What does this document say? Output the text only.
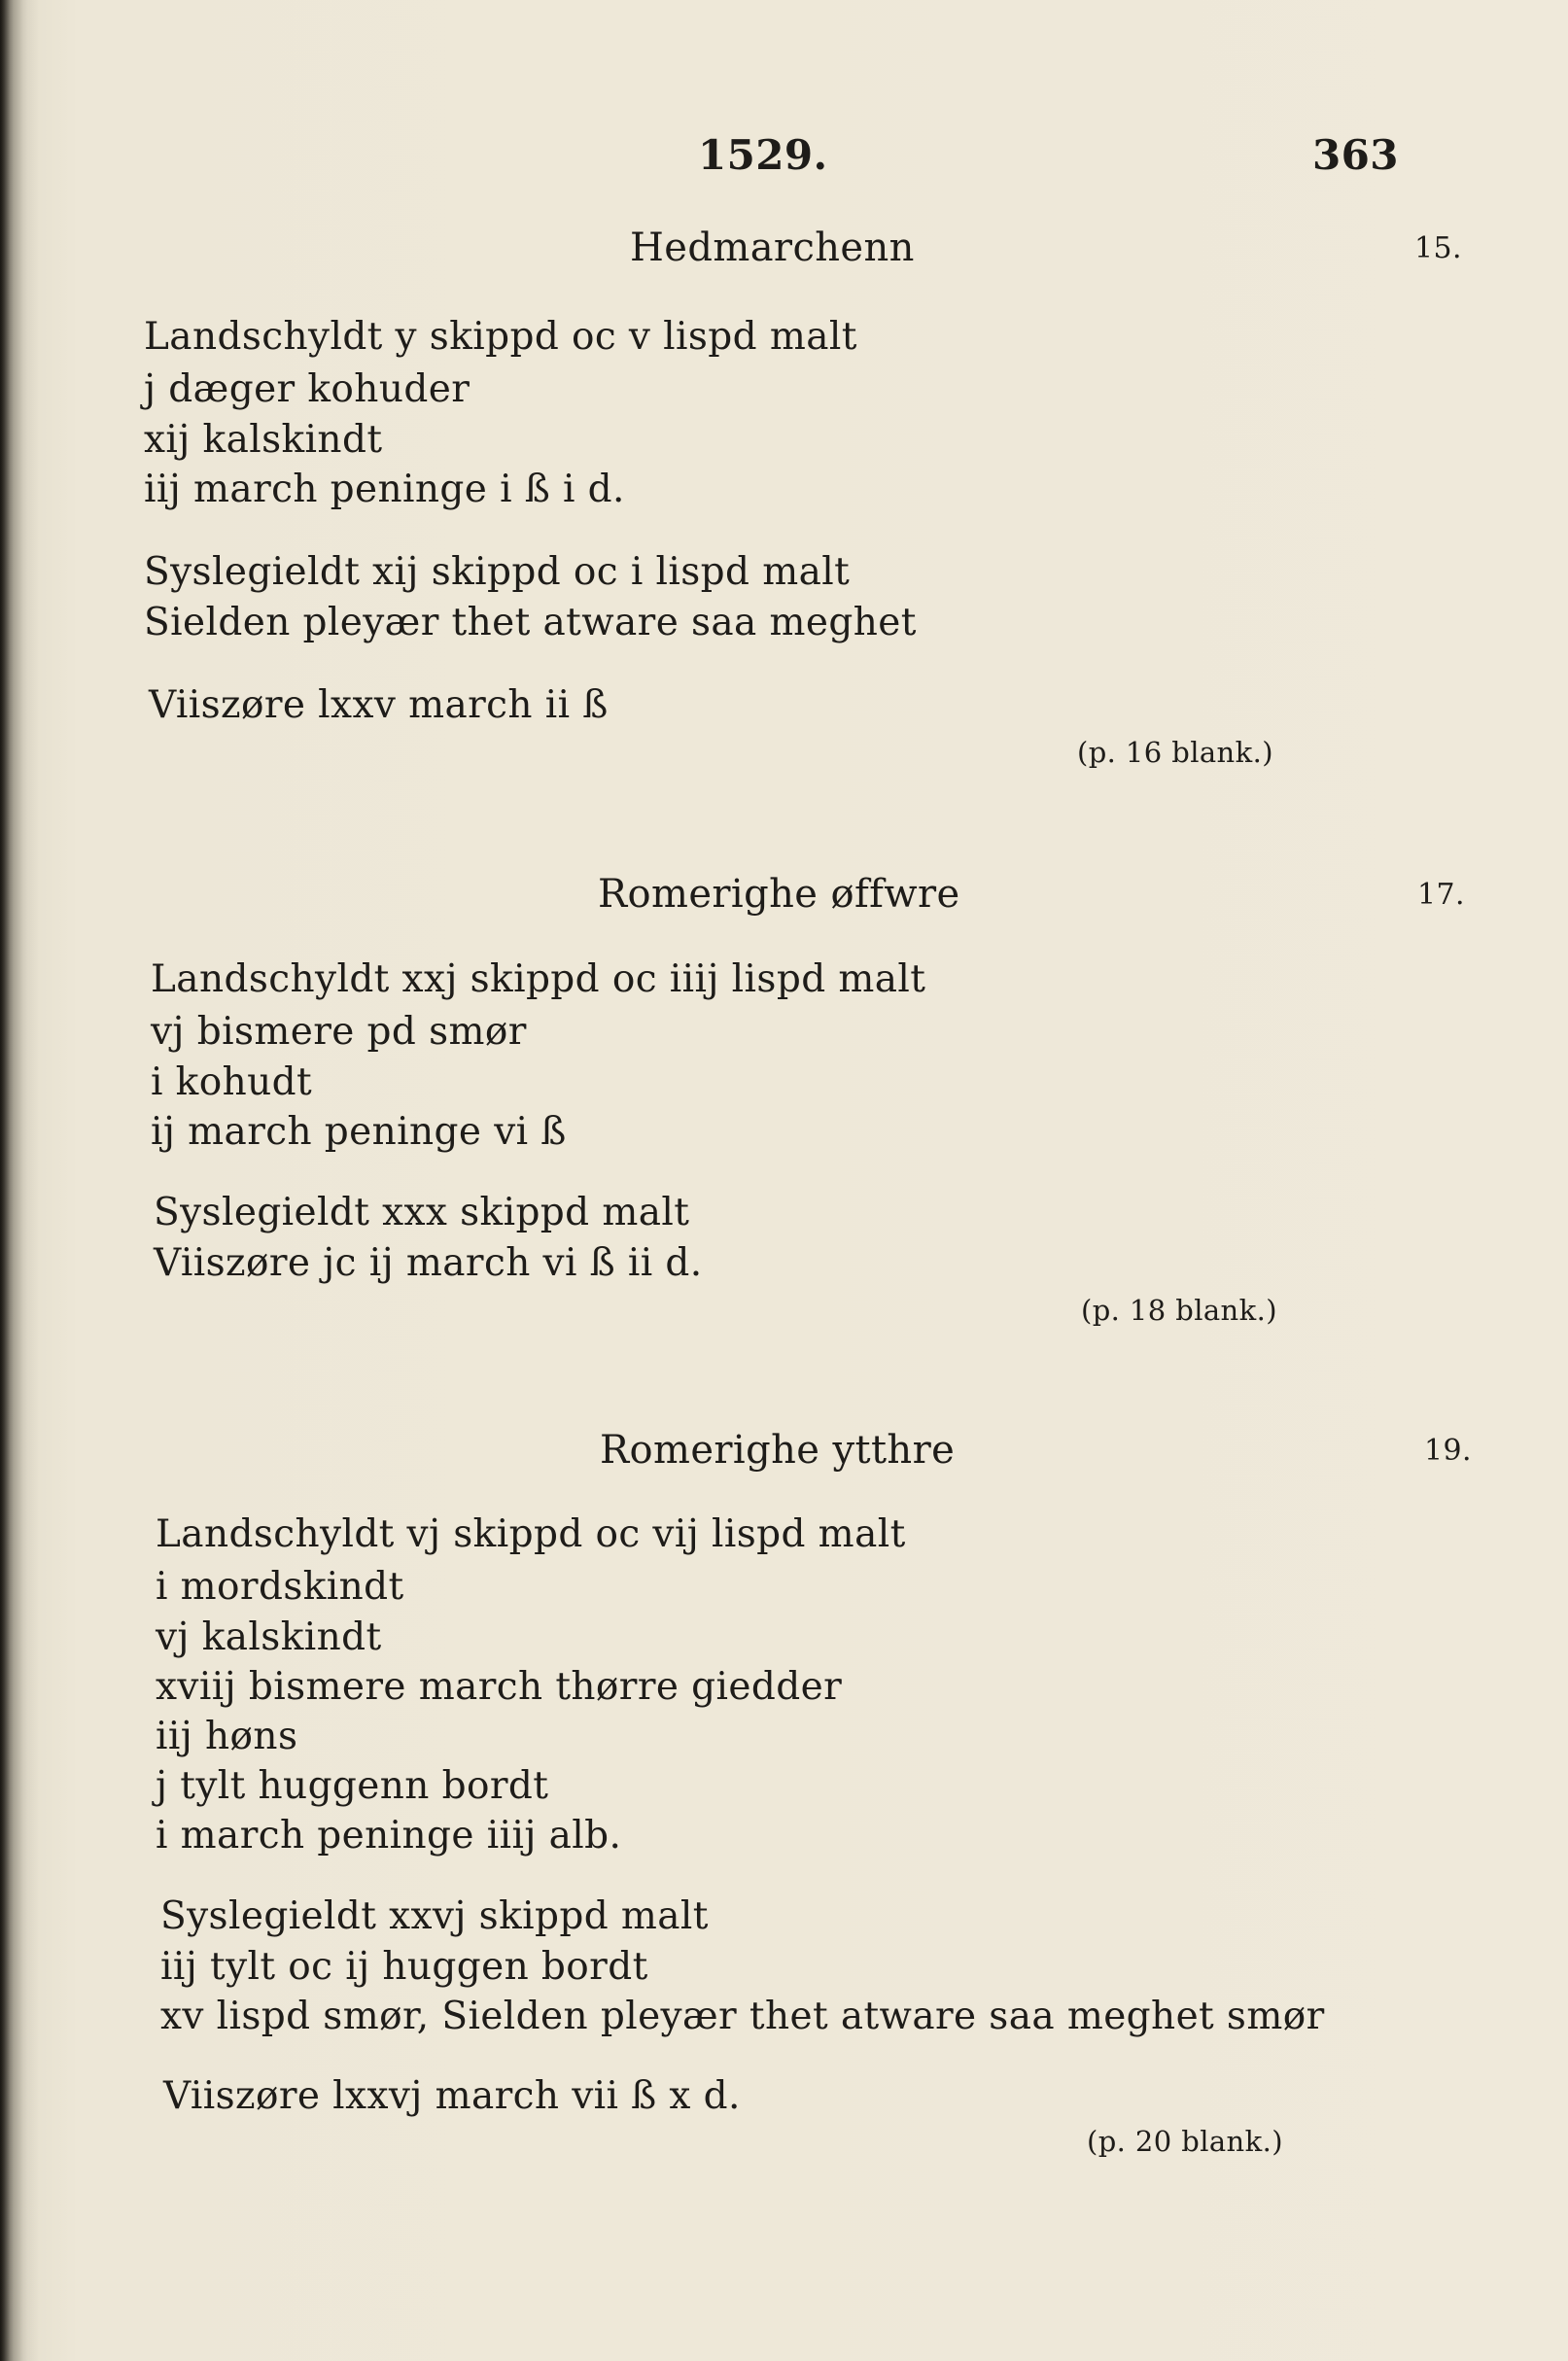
1529.	363

Hedmarchenn	15.

Landschyldt y skippd oc v lispd malt

j dæger kohuder

xij kalskindt

iij march peninge i ß i d.

Syslegieldt xij skippd oc i lispd malt

Sielden pleyær thet atware saa meghet

Viiszøre lxxv march ii ß

(p. 16 blank.)

Romerighe øffwre	17.

Landschyldt xxj skippd oc iiij lispd malt

vj bismere pd smør

i kohudt

ij march peninge vi ß

Syslegieldt xxx skippd malt

Viiszøre jc ij march vi ß ii d.

(p. 18 blank.)

Romerighe ytthre	19.

Landschyldt vj skippd oc vij lispd malt

i mordskindt

vj kalskindt

xviij bismere march thørre giedder

iij høns

j tylt huggenn bordt

i march peninge iiij alb.

Syslegieldt xxvj skippd malt

iij tylt oc ij huggen bordt

xv lispd smør, Sielden pleyær thet atware saa meghet smør

Viiszøre lxxvj march vii ß x d.

(p. 20 blank.)
